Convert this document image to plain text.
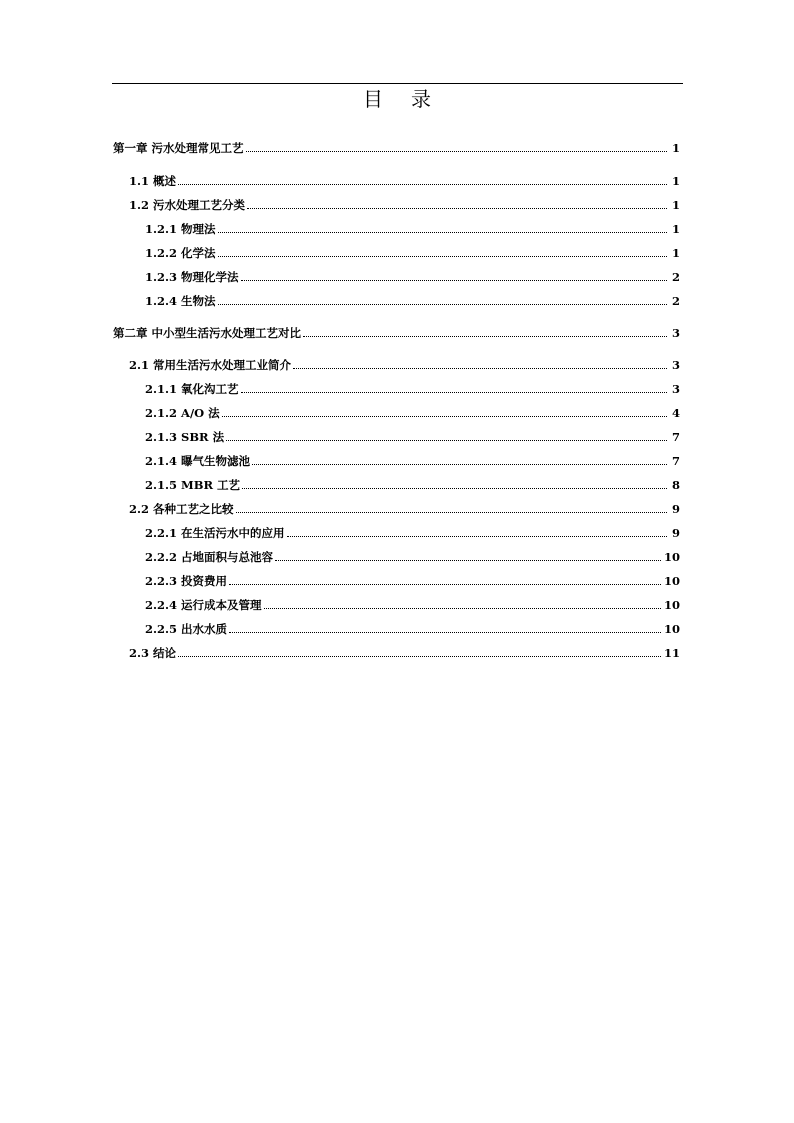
目 录
第一章 污水处理常见工艺	1
1.1 概述	1
1.2 污水处理工艺分类	1
1.2.1 物理法	1
1.2.2 化学法	1
1.2.3 物理化学法	2
1.2.4 生物法	2
第二章 中小型生活污水处理工艺对比	3
2.1 常用生活污水处理工业简介	3
2.1.1 氧化沟工艺	3
2.1.2 A/O 法	4
2.1.3 SBR 法	7
2.1.4 曝气生物滤池	7
2.1.5 MBR 工艺	8
2.2 各种工艺之比较	9
2.2.1 在生活污水中的应用	9
2.2.2 占地面积与总池容	10
2.2.3 投资费用	10
2.2.4 运行成本及管理	10
2.2.5 出水水质	10
2.3 结论	11
